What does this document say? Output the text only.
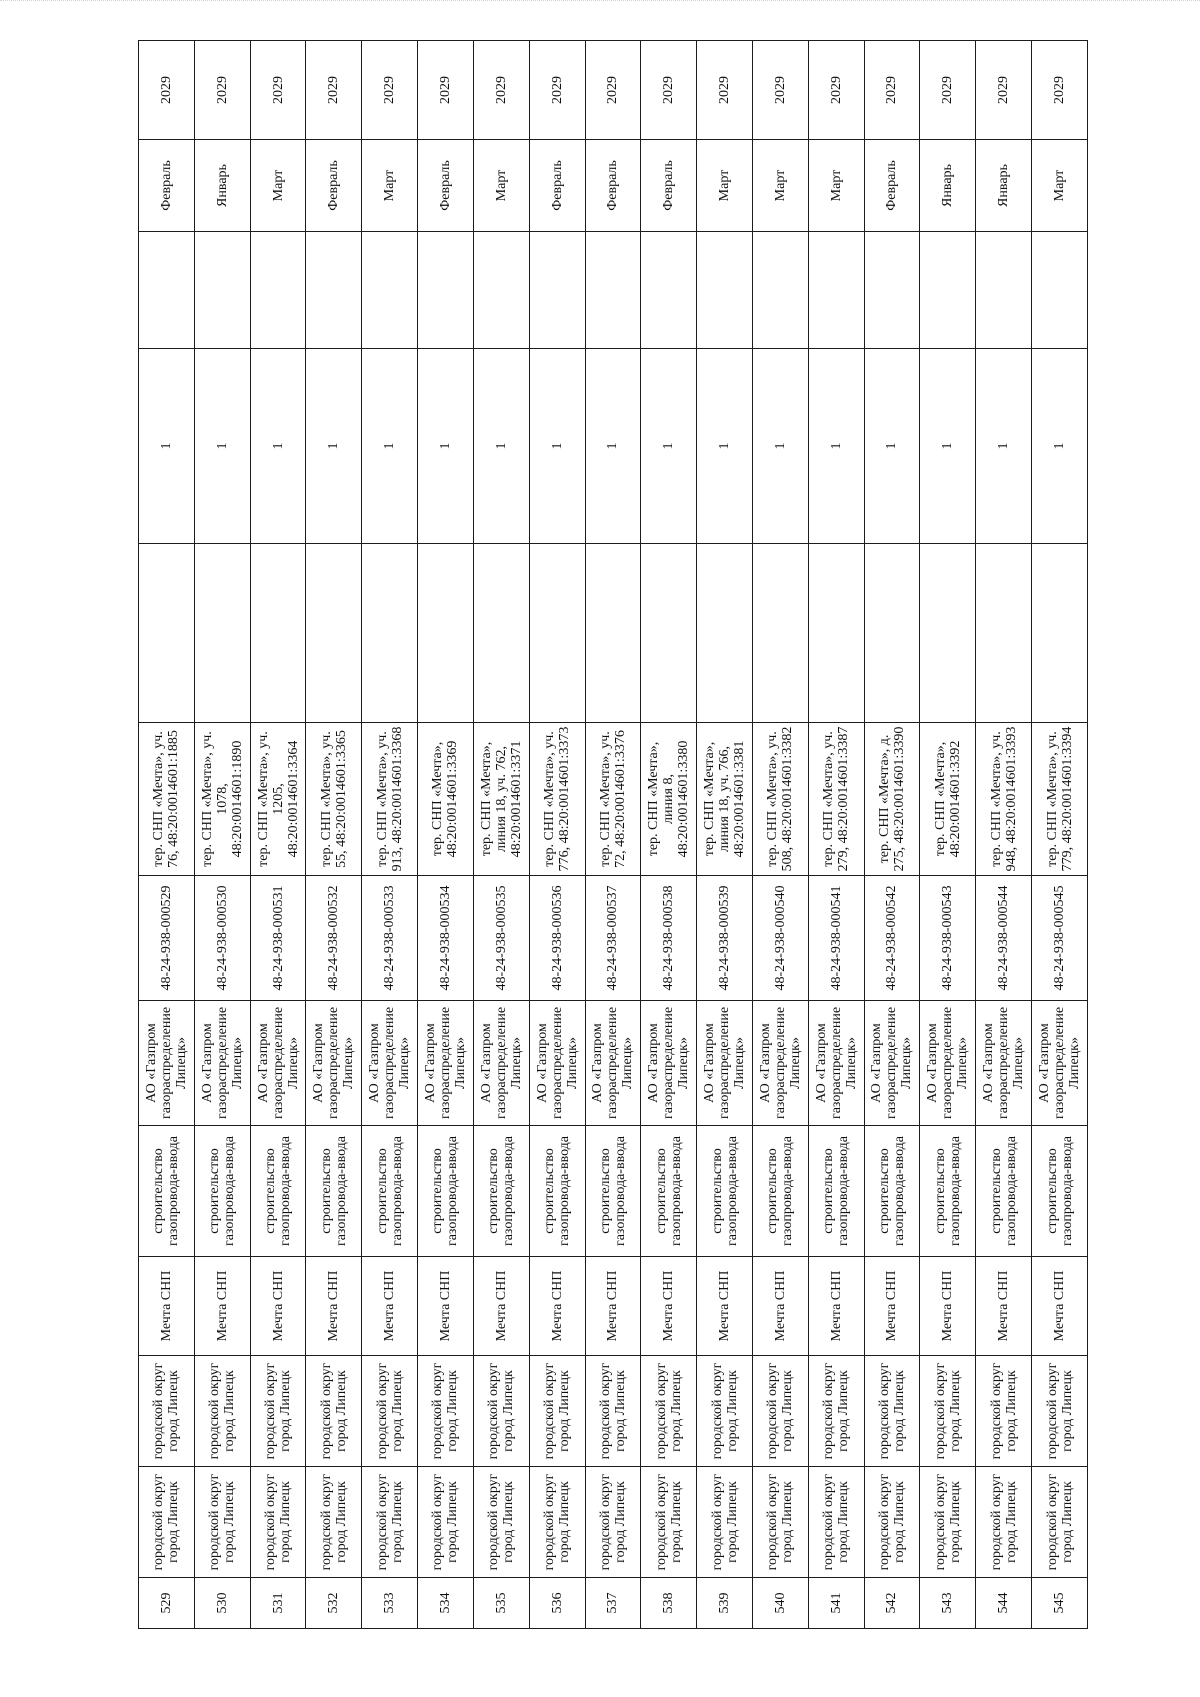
529	городской округ город Липецк	городской округ город Липецк	Мечта СНП	строительство газопровода-ввода	АО «Газпром газораспределение Липецк»	48-24-938-000529	тер. СНП «Мечта», уч. 76, 48:20:0014601:1885		1		Февраль	2029
530	городской округ город Липецк	городской округ город Липецк	Мечта СНП	строительство газопровода-ввода	АО «Газпром газораспределение Липецк»	48-24-938-000530	тер. СНП «Мечта», уч. 1078, 48:20:0014601:1890		1		Январь	2029
531	городской округ город Липецк	городской округ город Липецк	Мечта СНП	строительство газопровода-ввода	АО «Газпром газораспределение Липецк»	48-24-938-000531	тер. СНП «Мечта», уч. 1205, 48:20:0014601:3364		1		Март	2029
532	городской округ город Липецк	городской округ город Липецк	Мечта СНП	строительство газопровода-ввода	АО «Газпром газораспределение Липецк»	48-24-938-000532	тер. СНП «Мечта», уч. 55, 48:20:0014601:3365		1		Февраль	2029
533	городской округ город Липецк	городской округ город Липецк	Мечта СНП	строительство газопровода-ввода	АО «Газпром газораспределение Липецк»	48-24-938-000533	тер. СНП «Мечта», уч. 913, 48:20:0014601:3368		1		Март	2029
534	городской округ город Липецк	городской округ город Липецк	Мечта СНП	строительство газопровода-ввода	АО «Газпром газораспределение Липецк»	48-24-938-000534	тер. СНП «Мечта», 48:20:0014601:3369		1		Февраль	2029
535	городской округ город Липецк	городской округ город Липецк	Мечта СНП	строительство газопровода-ввода	АО «Газпром газораспределение Липецк»	48-24-938-000535	тер. СНП «Мечта», линия 18, уч. 762, 48:20:0014601:3371		1		Март	2029
536	городской округ город Липецк	городской округ город Липецк	Мечта СНП	строительство газопровода-ввода	АО «Газпром газораспределение Липецк»	48-24-938-000536	тер. СНП «Мечта», уч. 776, 48:20:0014601:3373		1		Февраль	2029
537	городской округ город Липецк	городской округ город Липецк	Мечта СНП	строительство газопровода-ввода	АО «Газпром газораспределение Липецк»	48-24-938-000537	тер. СНП «Мечта», уч. 72, 48:20:0014601:3376		1		Февраль	2029
538	городской округ город Липецк	городской округ город Липецк	Мечта СНП	строительство газопровода-ввода	АО «Газпром газораспределение Липецк»	48-24-938-000538	тер. СНП «Мечта», линия 8, 48:20:0014601:3380		1		Февраль	2029
539	городской округ город Липецк	городской округ город Липецк	Мечта СНП	строительство газопровода-ввода	АО «Газпром газораспределение Липецк»	48-24-938-000539	тер. СНП «Мечта», линия 18, уч. 766, 48:20:0014601:3381		1		Март	2029
540	городской округ город Липецк	городской округ город Липецк	Мечта СНП	строительство газопровода-ввода	АО «Газпром газораспределение Липецк»	48-24-938-000540	тер. СНП «Мечта», уч. 508, 48:20:0014601:3382		1		Март	2029
541	городской округ город Липецк	городской округ город Липецк	Мечта СНП	строительство газопровода-ввода	АО «Газпром газораспределение Липецк»	48-24-938-000541	тер. СНП «Мечта», уч. 279, 48:20:0014601:3387		1		Март	2029
542	городской округ город Липецк	городской округ город Липецк	Мечта СНП	строительство газопровода-ввода	АО «Газпром газораспределение Липецк»	48-24-938-000542	тер. СНП «Мечта», д. 275, 48:20:0014601:3390		1		Февраль	2029
543	городской округ город Липецк	городской округ город Липецк	Мечта СНП	строительство газопровода-ввода	АО «Газпром газораспределение Липецк»	48-24-938-000543	тер. СНП «Мечта», 48:20:0014601:3392		1		Январь	2029
544	городской округ город Липецк	городской округ город Липецк	Мечта СНП	строительство газопровода-ввода	АО «Газпром газораспределение Липецк»	48-24-938-000544	тер. СНП «Мечта», уч. 948, 48:20:0014601:3393		1		Январь	2029
545	городской округ город Липецк	городской округ город Липецк	Мечта СНП	строительство газопровода-ввода	АО «Газпром газораспределение Липецк»	48-24-938-000545	тер. СНП «Мечта», уч. 779, 48:20:0014601:3394		1		Март	2029
